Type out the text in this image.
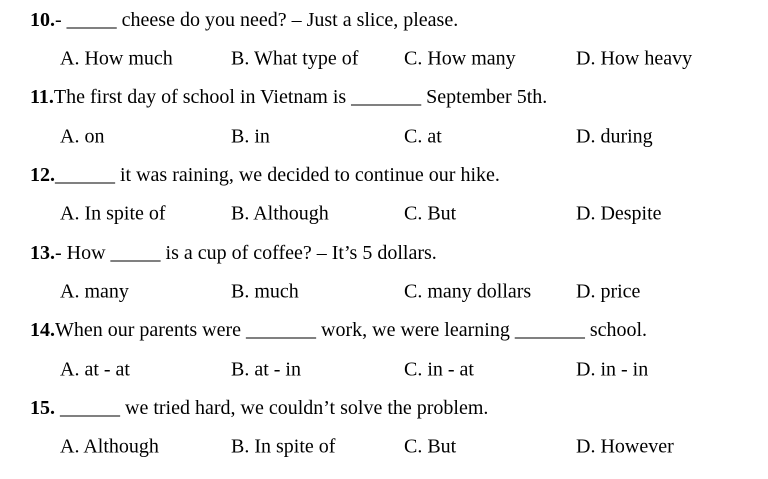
10. - _____ cheese do you need? – Just a slice, please.
A. How much	B. What type of C. How many	D. How heavy
11. The first day of school in Vietnam is _______ September 5th.
A. on	B. in	C. at	D. during
12. ______ it was raining, we decided to continue our hike.
A. In spite of	B. Although	C. But	D. Despite
13. - How _____ is a cup of coffee? – It’s 5 dollars.
A. many	B. much	C. many dollars D. price
14. When our parents were _______ work, we were learning _______ school.
A. at - at	B. at - in	C. in - at	D. in - in
15. ______ we tried hard, we couldn’t solve the problem.
A. Although	B. In spite of	C. But	D. However
